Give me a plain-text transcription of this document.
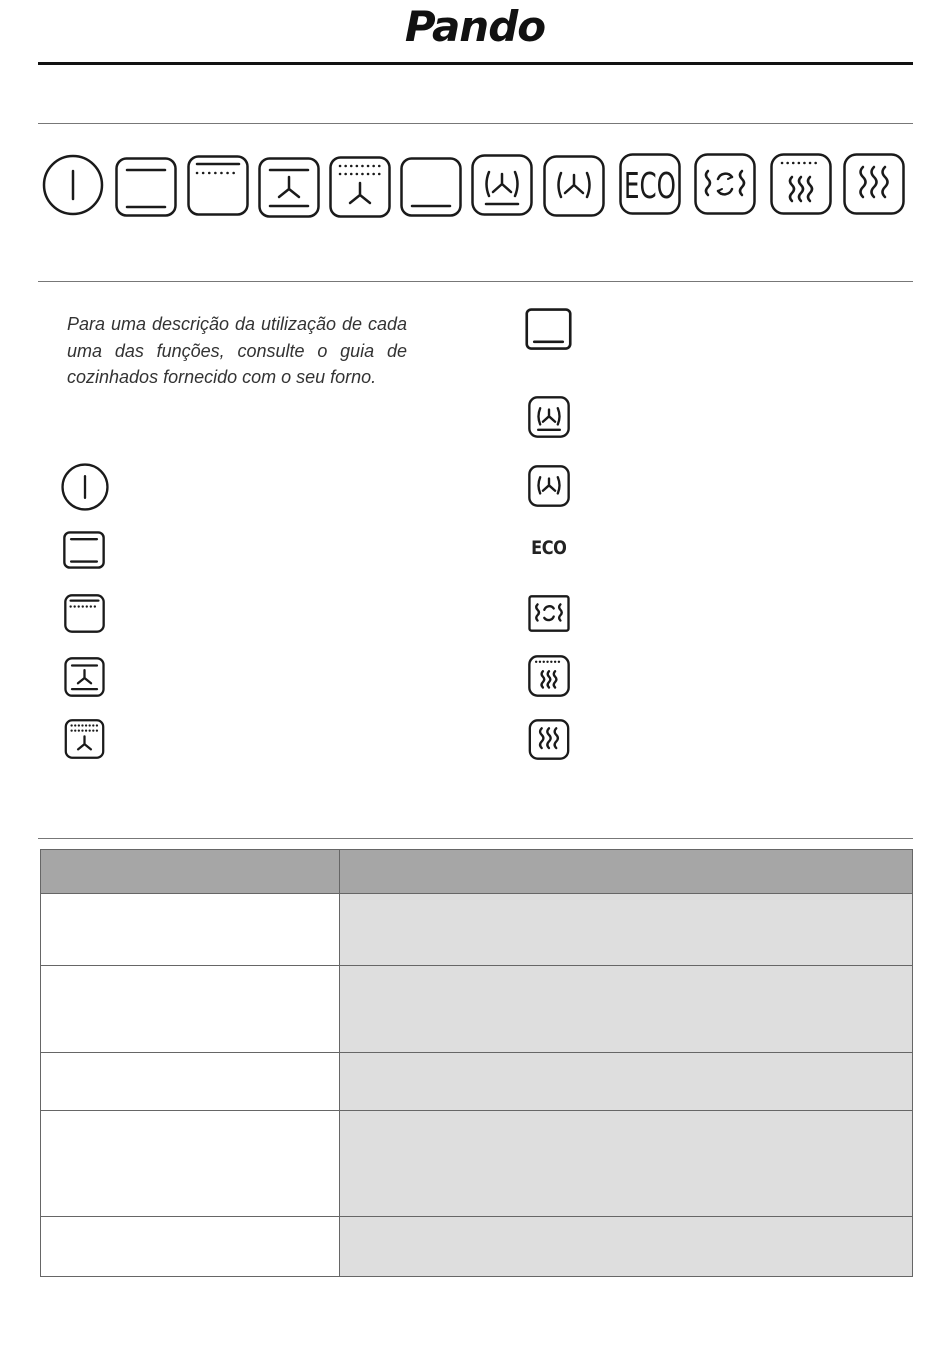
Pando
ECO

Para uma descrição da utilização de cada uma das funções, consulte o guia de cozinhados fornecido com o seu forno.

ECO
